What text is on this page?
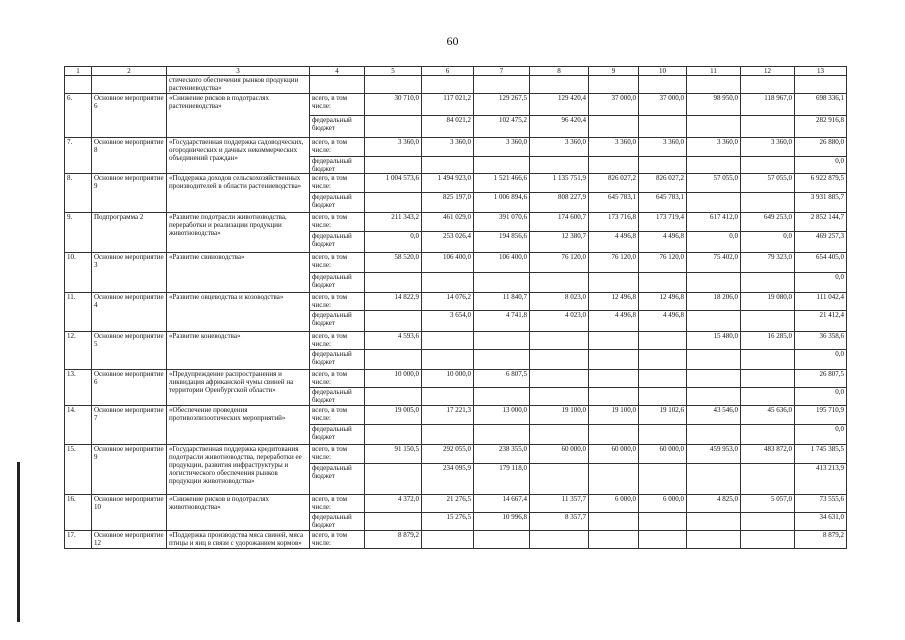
60
1	2	3	4	5	6	7	8	9	10	11	12	13
		стического обеспечения рынков продукции растениеводства»										
6.	Основное мероприятие 6	«Снижение рисков в подотраслях растениеводства»	всего, в том числе:	30 710,0	117 021,2	129 267,5	129 420,4	37 000,0	37 000,0	98 950,0	118 967,0	698 336,1
			федеральный бюджет		84 021,2	102 475,2	96 420,4					282 916,8
7.	Основное мероприятие 8	«Государственная поддержка садоводческих, огороднических и дачных некоммерческих объединений граждан»	всего, в том числе:	3 360,0	3 360,0	3 360,0	3 360,0	3 360,0	3 360,0	3 360,0	3 360,0	26 880,0
			федеральный бюджет									0,0
8.	Основное мероприятие 9	«Поддержка доходов сельскохозяйственных производителей в области растениеводства»	всего, в том числе:	1 004 573,6	1 494 923,0	1 521 466,6	1 135 751,9	826 027,2	826 027,2	57 055,0	57 055,0	6 922 879,5
			федеральный бюджет		825 197,0	1 006 894,6	808 227,9	645 783,1	645 783,1			3 931 885,7
9.	Подпрограмма 2	«Развитие подотрасли животноводства, переработки и реализации продукции животноводства»	всего, в том числе:	211 343,2	461 029,0	391 070,6	174 600,7	173 716,8	173 719,4	617 412,0	649 253,0	2 852 144,7
			федеральный бюджет	0,0	253 026,4	194 856,6	12 380,7	4 496,8	4 496,8	0,0	0,0	469 257,3
10.	Основное мероприятие 3	«Развитие свиноводства»	всего, в том числе:	58 520,0	106 400,0	106 400,0	76 120,0	76 120,0	76 120,0	75 402,0	79 323,0	654 405,0
			федеральный бюджет									0,0
11.	Основное мероприятие 4	«Развитие овцеводства и козоводства»	всего, в том числе:	14 822,9	14 076,2	11 840,7	8 023,0	12 496,8	12 496,8	18 206,0	19 080,0	111 042,4
			федеральный бюджет		3 654,0	4 741,8	4 023,0	4 496,8	4 496,8			21 412,4
12.	Основное мероприятие 5	«Развитие коневодства»	всего, в том числе:	4 593,6						15 480,0	16 285,0	36 358,6
			федеральный бюджет									0,0
13.	Основное мероприятие 6	«Предупреждение распространения и ликвидация африканской чумы свиней на территории Оренбургской области»	всего, в том числе:	10 000,0	10 000,0	6 807,5						26 807,5
			федеральный бюджет									0,0
14.	Основное мероприятие 7	«Обеспечение проведения противоэпизоотических мероприятий»	всего, в том числе:	19 005,0	17 221,3	13 000,0	19 100,0	19 100,0	19 102,6	43 546,0	45 636,0	195 710,9
			федеральный бюджет									0,0
15.	Основное мероприятие 9	«Государственная поддержка кредитования подотрасли животноводства, переработки ее продукции, развития инфраструктуры и логистического обеспечения рынков продукции животноводства»	всего, в том числе:	91 150,5	292 055,0	238 355,0	60 000,0	60 000,0	60 000,0	459 953,0	483 872,0	1 745 385,5
			федеральный бюджет		234 095,9	179 118,0						413 213,9
16.	Основное мероприятие 10	«Снижение рисков в подотраслях животноводства»	всего, в том числе:	4 372,0	21 276,5	14 667,4	11 357,7	6 000,0	6 000,0	4 825,0	5 057,0	73 555,6
			федеральный бюджет		15 276,5	10 996,8	8 357,7					34 631,0
17.	Основное мероприятие 12	«Поддержка производства мяса свиней, мяса птицы и яиц в связи с удорожанием кормов»	всего, в том числе:	8 879,2								8 879,2
